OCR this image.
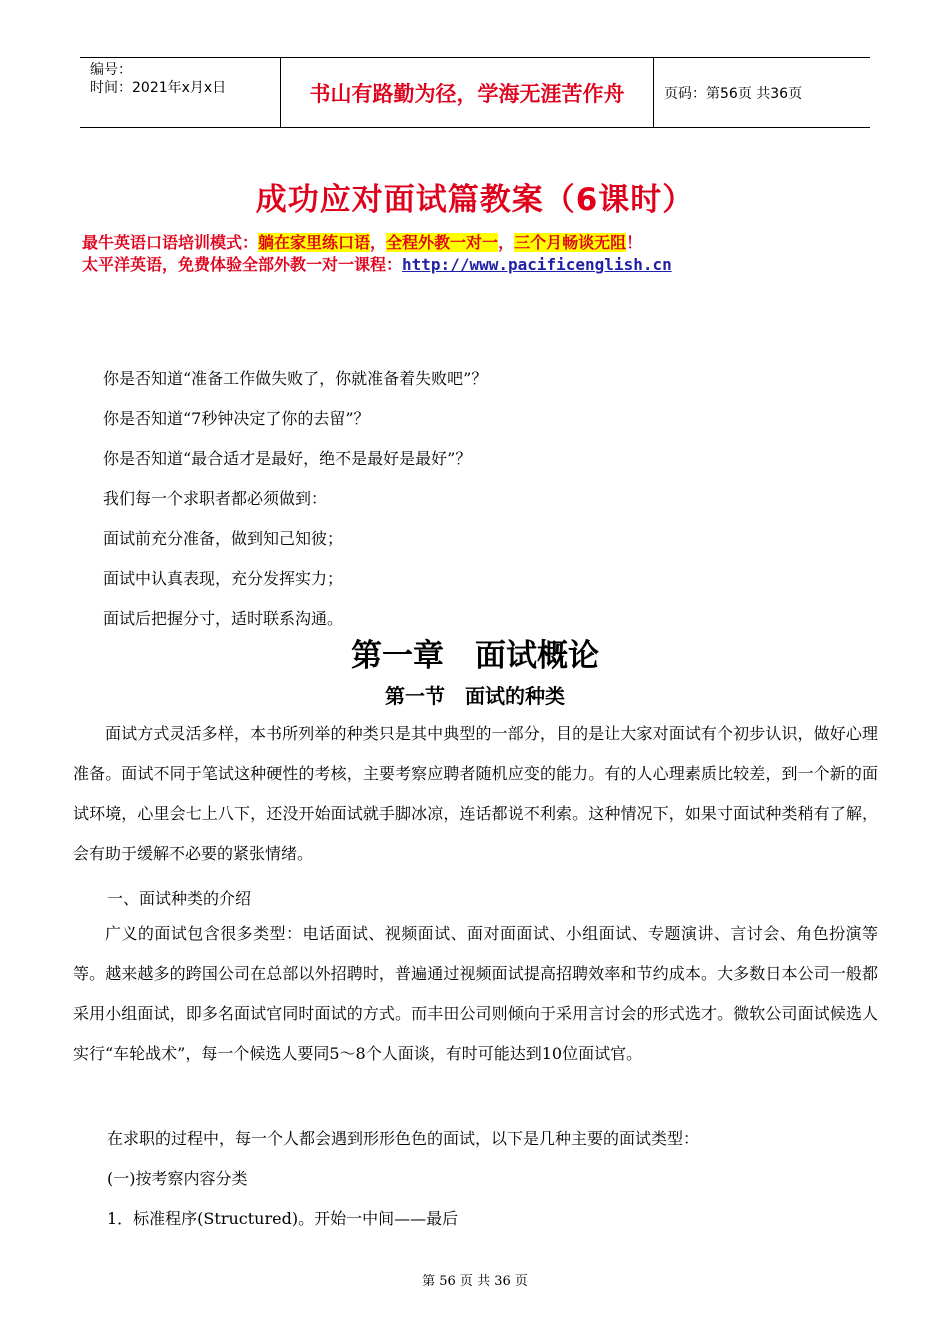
编号：
时间：2021年x月x日	书山有路勤为径，学海无涯苦作舟	页码：第56页 共36页
成功应对面试篇教案（6课时）
最牛英语口语培训模式：躺在家里练口语，全程外教一对一，三个月畅谈无阻！
太平洋英语，免费体验全部外教一对一课程：http://www.pacificenglish.cn
你是否知道“准备工作做失败了，你就准备着失败吧”？
你是否知道“7秒钟决定了你的去留”？
你是否知道“最合适才是最好，绝不是最好是最好”？
我们每一个求职者都必须做到：
面试前充分准备，做到知己知彼；
面试中认真表现，充分发挥实力；
面试后把握分寸，适时联系沟通。
第一章　面试概论
第一节　面试的种类
面试方式灵活多样，本书所列举的种类只是其中典型的一部分，目的是让大家对面试有个初步认识，做好心理准备。面试不同于笔试这种硬性的考核，主要考察应聘者随机应变的能力。有的人心理素质比较差，到一个新的面试环境，心里会七上八下，还没开始面试就手脚冰凉，连话都说不利索。这种情况下，如果寸面试种类稍有了解，会有助于缓解不必要的紧张情绪。
一、面试种类的介绍
广义的面试包含很多类型：电话面试、视频面试、面对面面试、小组面试、专题演讲、言讨会、角色扮演等等。越来越多的跨国公司在总部以外招聘时，普遍通过视频面试提高招聘效率和节约成本。大多数日本公司一般都采用小组面试，即多名面试官同时面试的方式。而丰田公司则倾向于采用言讨会的形式选才。微软公司面试候选人实行“车轮战术”，每一个候选人要同5～8个人面谈，有时可能达到10位面试官。
在求职的过程中，每一个人都会遇到形形色色的面试，以下是几种主要的面试类型：
(一)按考察内容分类
1．标准程序(Structured)。开始一中间——最后
第 56 页 共 36 页
